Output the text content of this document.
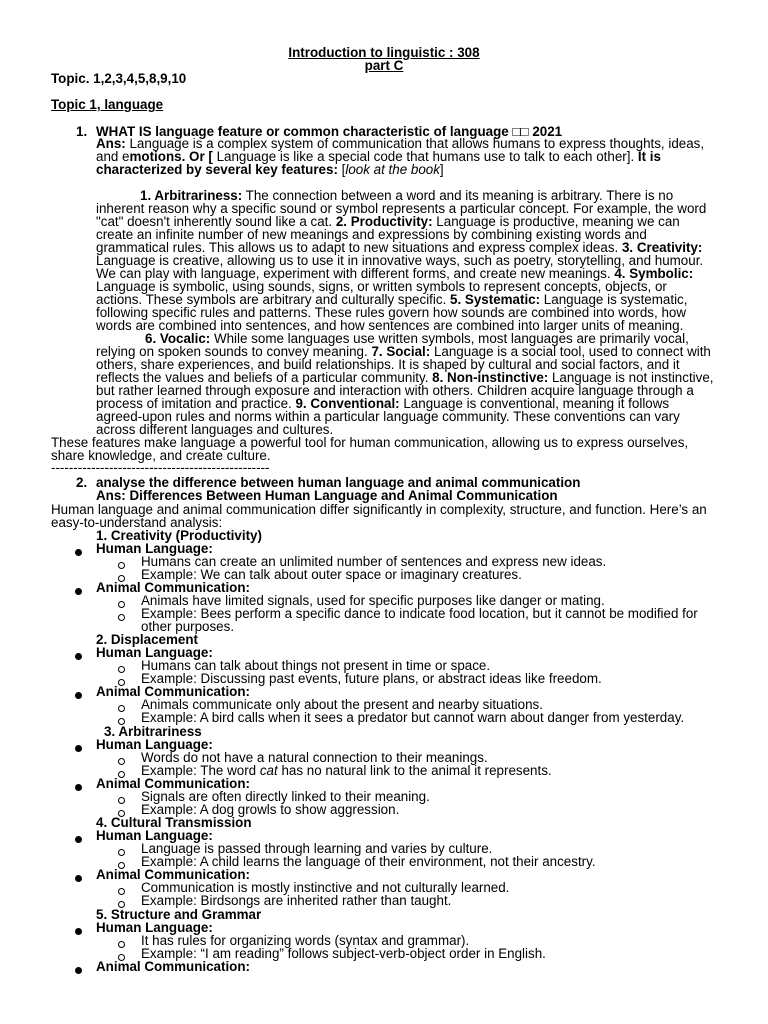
Introduction to linguistic : 308
part C
Topic. 1,2,3,4,5,8,9,10
Topic 1, language
1. WHAT IS language feature or common characteristic of language □□ 2021
Ans: Language is a complex system of communication that allows humans to express thoughts, ideas,
and emotions. Or [ Language is like a special code that humans use to talk to each other]. It is
characterized by several key features: [look at the book]
1. Arbitrariness: The connection between a word and its meaning is arbitrary. There is no
inherent reason why a specific sound or symbol represents a particular concept. For example, the word
"cat" doesn't inherently sound like a cat. 2. Productivity: Language is productive, meaning we can
create an infinite number of new meanings and expressions by combining existing words and
grammatical rules. This allows us to adapt to new situations and express complex ideas. 3. Creativity:
Language is creative, allowing us to use it in innovative ways, such as poetry, storytelling, and humour.
We can play with language, experiment with different forms, and create new meanings. 4. Symbolic:
Language is symbolic, using sounds, signs, or written symbols to represent concepts, objects, or
actions. These symbols are arbitrary and culturally specific. 5. Systematic: Language is systematic,
following specific rules and patterns. These rules govern how sounds are combined into words, how
words are combined into sentences, and how sentences are combined into larger units of meaning.
6. Vocalic: While some languages use written symbols, most languages are primarily vocal,
relying on spoken sounds to convey meaning. 7. Social: Language is a social tool, used to connect with
others, share experiences, and build relationships. It is shaped by cultural and social factors, and it
reflects the values and beliefs of a particular community. 8. Non-instinctive: Language is not instinctive,
but rather learned through exposure and interaction with others. Children acquire language through a
process of imitation and practice. 9. Conventional: Language is conventional, meaning it follows
agreed-upon rules and norms within a particular language community. These conventions can vary
across different languages and cultures.
These features make language a powerful tool for human communication, allowing us to express ourselves,
share knowledge, and create culture.
-------------------------------------------------
2. analyse the difference between human language and animal communication
Ans: Differences Between Human Language and Animal Communication
Human language and animal communication differ significantly in complexity, structure, and function. Here’s an
easy-to-understand analysis:
1. Creativity (Productivity)
Human Language:
Humans can create an unlimited number of sentences and express new ideas.
Example: We can talk about outer space or imaginary creatures.
Animal Communication:
Animals have limited signals, used for specific purposes like danger or mating.
Example: Bees perform a specific dance to indicate food location, but it cannot be modified for
other purposes.
2. Displacement
Human Language:
Humans can talk about things not present in time or space.
Example: Discussing past events, future plans, or abstract ideas like freedom.
Animal Communication:
Animals communicate only about the present and nearby situations.
Example: A bird calls when it sees a predator but cannot warn about danger from yesterday.
3. Arbitrariness
Human Language:
Words do not have a natural connection to their meanings.
Example: The word cat has no natural link to the animal it represents.
Animal Communication:
Signals are often directly linked to their meaning.
Example: A dog growls to show aggression.
4. Cultural Transmission
Human Language:
Language is passed through learning and varies by culture.
Example: A child learns the language of their environment, not their ancestry.
Animal Communication:
Communication is mostly instinctive and not culturally learned.
Example: Birdsongs are inherited rather than taught.
5. Structure and Grammar
Human Language:
It has rules for organizing words (syntax and grammar).
Example: “I am reading” follows subject-verb-object order in English.
Animal Communication:
